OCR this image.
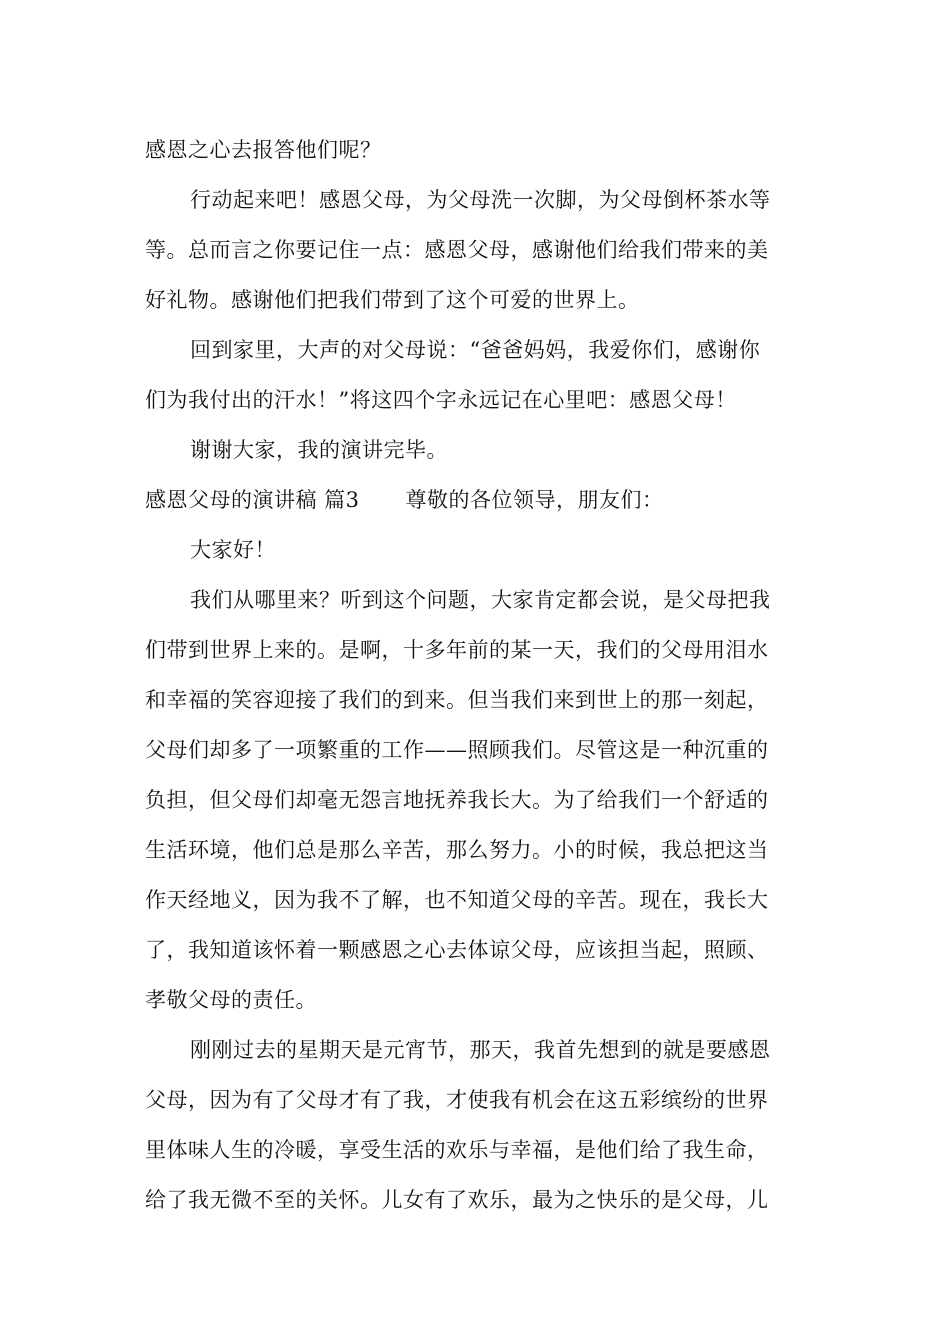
感恩之心去报答他们呢？
行动起来吧！感恩父母，为父母洗一次脚，为父母倒杯茶水等
等。总而言之你要记住一点：感恩父母，感谢他们给我们带来的美
好礼物。感谢他们把我们带到了这个可爱的世界上。
回到家里，大声的对父母说：“爸爸妈妈，我爱你们，感谢你
们为我付出的汗水！”将这四个字永远记在心里吧：感恩父母！
谢谢大家，我的演讲完毕。
感恩父母的演讲稿 篇3 尊敬的各位领导，朋友们：
大家好！
我们从哪里来？听到这个问题，大家肯定都会说，是父母把我
们带到世界上来的。是啊，十多年前的某一天，我们的父母用泪水
和幸福的笑容迎接了我们的到来。但当我们来到世上的那一刻起，
父母们却多了一项繁重的工作——照顾我们。尽管这是一种沉重的
负担，但父母们却毫无怨言地抚养我长大。为了给我们一个舒适的
生活环境，他们总是那么辛苦，那么努力。小的时候，我总把这当
作天经地义，因为我不了解，也不知道父母的辛苦。现在，我长大
了，我知道该怀着一颗感恩之心去体谅父母，应该担当起，照顾、
孝敬父母的责任。
刚刚过去的星期天是元宵节，那天，我首先想到的就是要感恩
父母，因为有了父母才有了我，才使我有机会在这五彩缤纷的世界
里体味人生的冷暖，享受生活的欢乐与幸福，是他们给了我生命，
给了我无微不至的关怀。儿女有了欢乐，最为之快乐的是父母，儿
